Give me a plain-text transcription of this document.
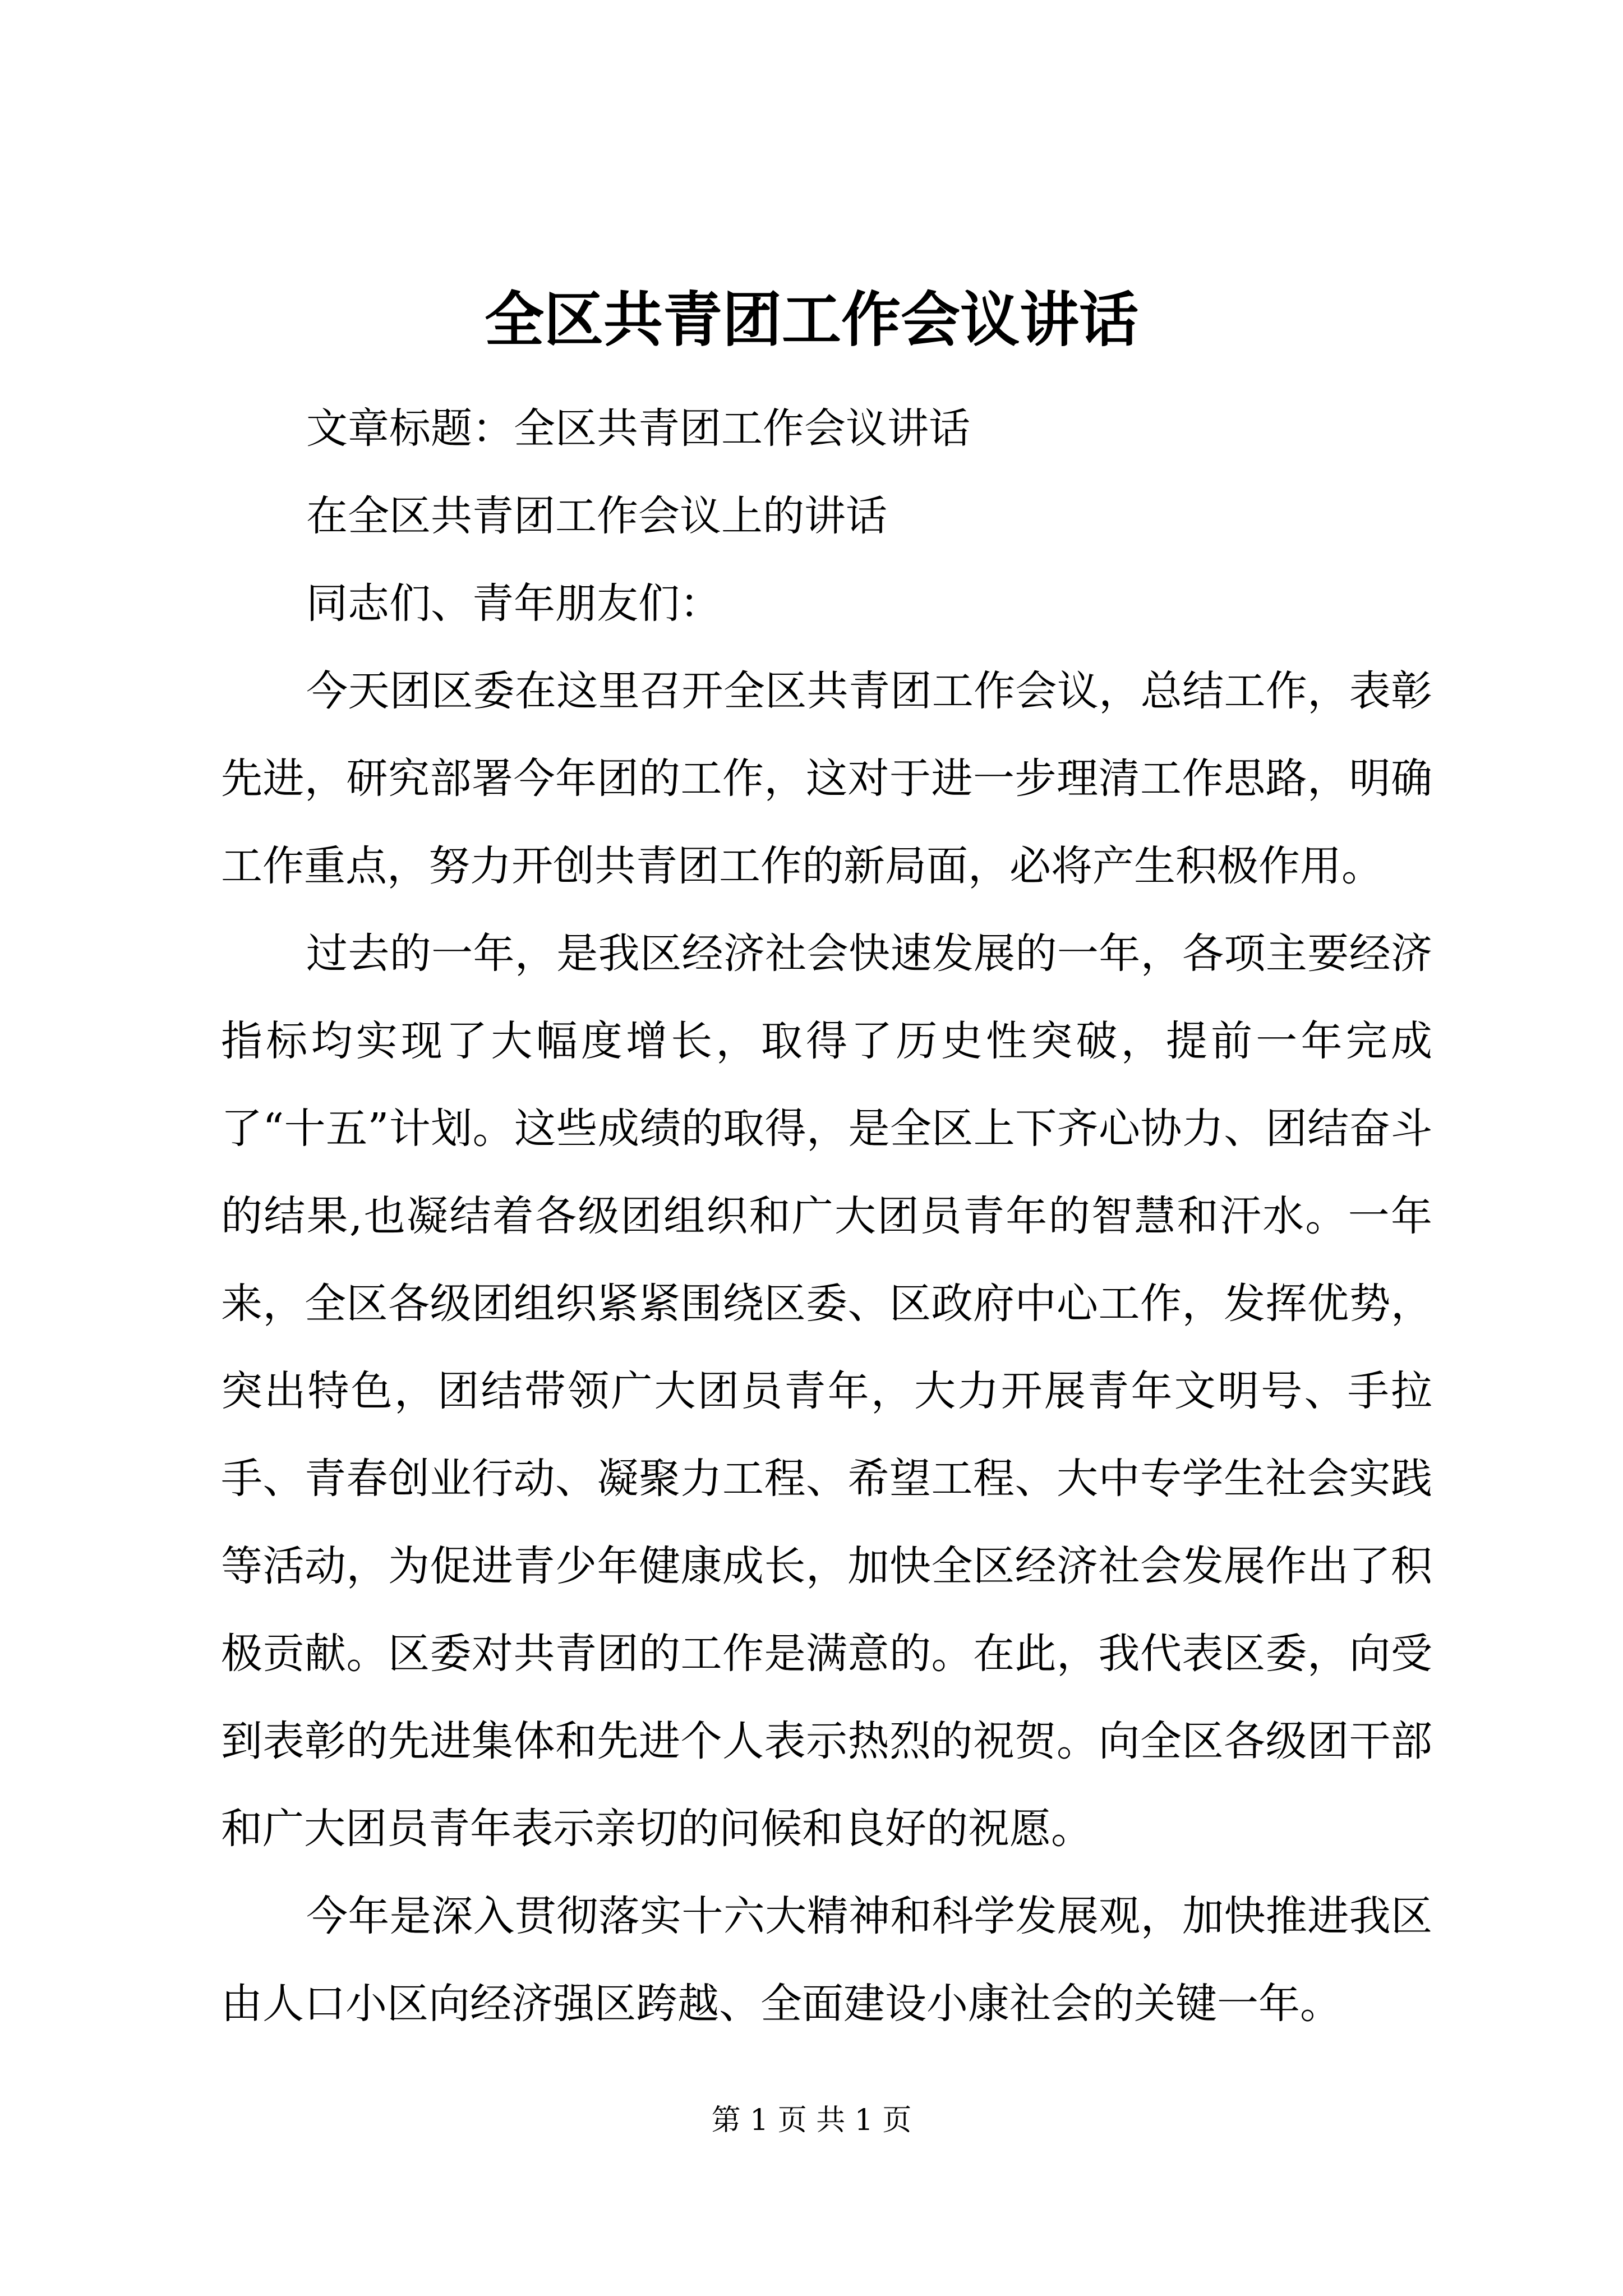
全区共青团工作会议讲话

文章标题：全区共青团工作会议讲话

在全区共青团工作会议上的讲话

同志们、青年朋友们：

今天团区委在这里召开全区共青团工作会议，总结工作，表彰先进，研究部署今年团的工作，这对于进一步理清工作思路，明确工作重点，努力开创共青团工作的新局面，必将产生积极作用。

过去的一年，是我区经济社会快速发展的一年，各项主要经济指标均实现了大幅度增长，取得了历史性突破，提前一年完成了“十五”计划。这些成绩的取得，是全区上下齐心协力、团结奋斗的结果,也凝结着各级团组织和广大团员青年的智慧和汗水。一年来，全区各级团组织紧紧围绕区委、区政府中心工作，发挥优势，突出特色，团结带领广大团员青年，大力开展青年文明号、手拉手、青春创业行动、凝聚力工程、希望工程、大中专学生社会实践等活动，为促进青少年健康成长，加快全区经济社会发展作出了积极贡献。区委对共青团的工作是满意的。在此，我代表区委，向受到表彰的先进集体和先进个人表示热烈的祝贺。向全区各级团干部和广大团员青年表示亲切的问候和良好的祝愿。

今年是深入贯彻落实十六大精神和科学发展观，加快推进我区由人口小区向经济强区跨越、全面建设小康社会的关键一年。

第 1 页 共 1 页
